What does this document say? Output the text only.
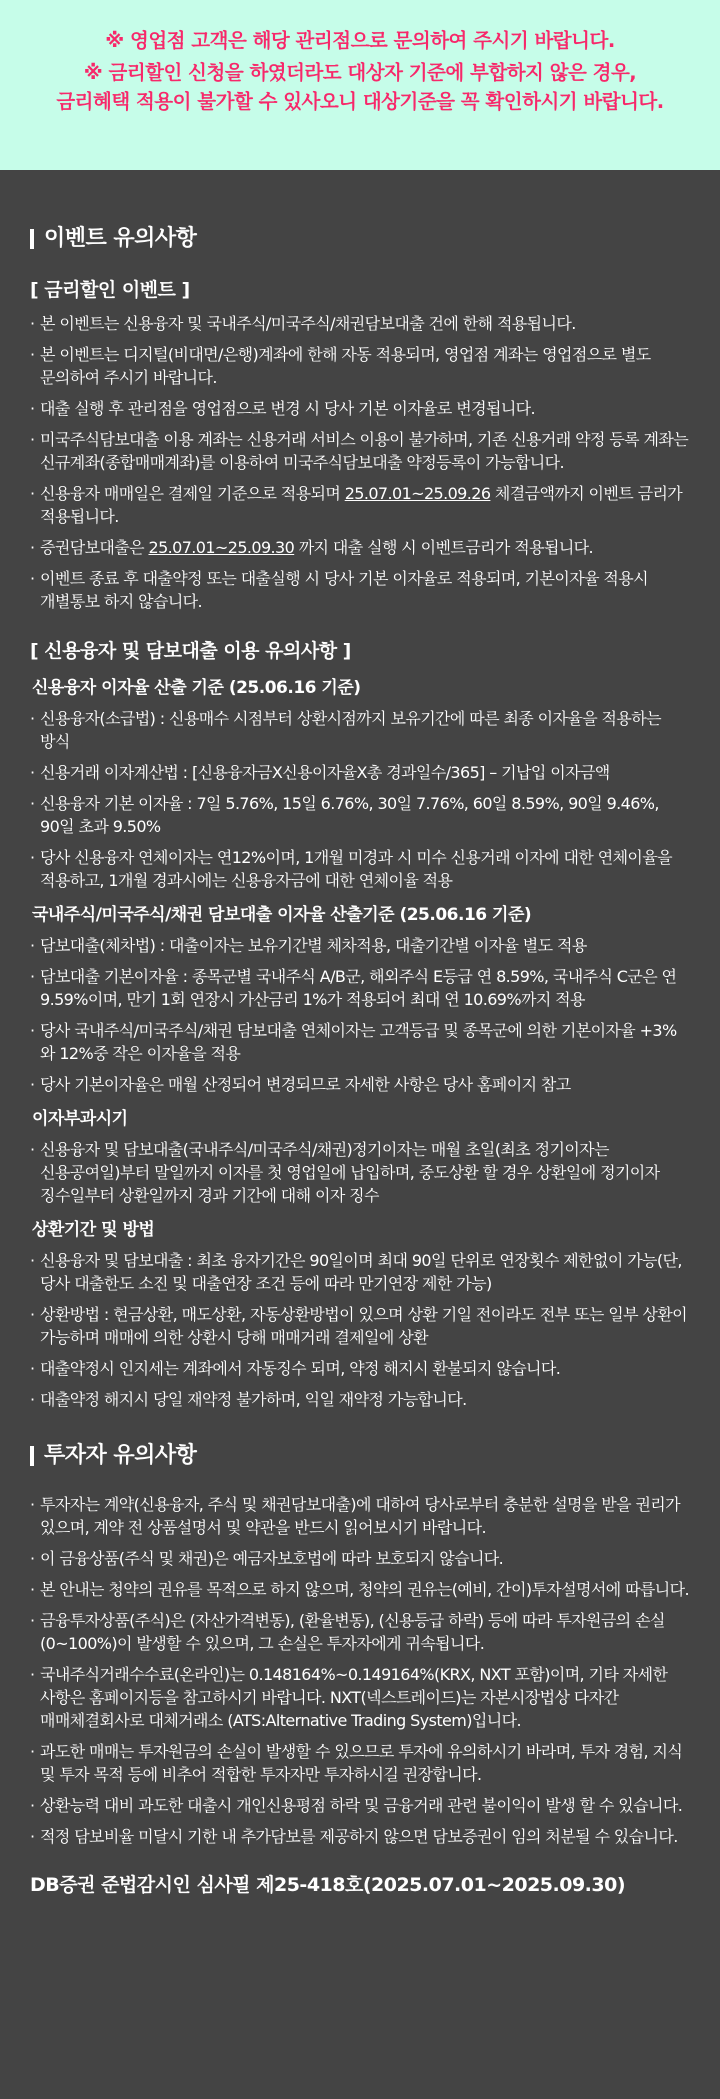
※ 영업점 고객은 해당 관리점으로 문의하여 주시기 바랍니다.

※ 금리할인 신청을 하였더라도 대상자 기준에 부합하지 않은 경우,

금리혜택 적용이 불가할 수 있사오니 대상기준을 꼭 확인하시기 바랍니다.

이벤트 유의사항
[ 금리할인 이벤트 ]
· 본 이벤트는 신용융자 및 국내주식/미국주식/채권담보대출 건에 한해 적용됩니다.
· 본 이벤트는 디지털(비대면/은행)계좌에 한해 자동 적용되며, 영업점 계좌는 영업점으로 별도 문의하여 주시기 바랍니다.
· 대출 실행 후 관리점을 영업점으로 변경 시 당사 기본 이자율로 변경됩니다.
· 미국주식담보대출 이용 계좌는 신용거래 서비스 이용이 불가하며, 기존 신용거래 약정 등록 계좌는 신규계좌(종합매매계좌)를 이용하여 미국주식담보대출 약정등록이 가능합니다.
· 신용융자 매매일은 결제일 기준으로 적용되며 25.07.01~25.09.26 체결금액까지 이벤트 금리가 적용됩니다.
· 증권담보대출은 25.07.01~25.09.30 까지 대출 실행 시 이벤트금리가 적용됩니다.
· 이벤트 종료 후 대출약정 또는 대출실행 시 당사 기본 이자율로 적용되며, 기본이자율 적용시 개별통보 하지 않습니다.
[ 신용융자 및 담보대출 이용 유의사항 ]
신용융자 이자율 산출 기준 (25.06.16 기준)
· 신용융자(소급법) : 신용매수 시점부터 상환시점까지 보유기간에 따른 최종 이자율을 적용하는 방식
· 신용거래 이자계산법 : [신용융자금X신용이자율X총 경과일수/365] – 기납입 이자금액
· 신용융자 기본 이자율 : 7일 5.76%, 15일 6.76%, 30일 7.76%, 60일 8.59%, 90일 9.46%, 90일 초과 9.50%
· 당사 신용융자 연체이자는 연12%이며, 1개월 미경과 시 미수 신용거래 이자에 대한 연체이율을 적용하고, 1개월 경과시에는 신용융자금에 대한 연체이율 적용
국내주식/미국주식/채권 담보대출 이자율 산출기준 (25.06.16 기준)
· 담보대출(체차법) : 대출이자는 보유기간별 체차적용, 대출기간별 이자율 별도 적용
· 담보대출 기본이자율 : 종목군별 국내주식 A/B군, 해외주식 E등급 연 8.59%, 국내주식 C군은 연 9.59%이며, 만기 1회 연장시 가산금리 1%가 적용되어 최대 연 10.69%까지 적용
· 당사 국내주식/미국주식/채권 담보대출 연체이자는 고객등급 및 종목군에 의한 기본이자율 +3%와 12%중 작은 이자율을 적용
· 당사 기본이자율은 매월 산정되어 변경되므로 자세한 사항은 당사 홈페이지 참고
이자부과시기
· 신용융자 및 담보대출(국내주식/미국주식/채권)정기이자는 매월 초일(최초 정기이자는 신용공여일)부터 말일까지 이자를 첫 영업일에 납입하며, 중도상환 할 경우 상환일에 정기이자 징수일부터 상환일까지 경과 기간에 대해 이자 징수
상환기간 및 방법
· 신용융자 및 담보대출 : 최초 융자기간은 90일이며 최대 90일 단위로 연장횟수 제한없이 가능(단, 당사 대출한도 소진 및 대출연장 조건 등에 따라 만기연장 제한 가능)
· 상환방법 : 현금상환, 매도상환, 자동상환방법이 있으며 상환 기일 전이라도 전부 또는 일부 상환이 가능하며 매매에 의한 상환시 당해 매매거래 결제일에 상환
· 대출약정시 인지세는 계좌에서 자동징수 되며, 약정 해지시 환불되지 않습니다.
· 대출약정 해지시 당일 재약정 불가하며, 익일 재약정 가능합니다.
투자자 유의사항
· 투자자는 계약(신용융자, 주식 및 채권담보대출)에 대하여 당사로부터 충분한 설명을 받을 권리가 있으며, 계약 전 상품설명서 및 약관을 반드시 읽어보시기 바랍니다.
· 이 금융상품(주식 및 채권)은 예금자보호법에 따라 보호되지 않습니다.
· 본 안내는 청약의 권유를 목적으로 하지 않으며, 청약의 권유는(예비, 간이)투자설명서에 따릅니다.
· 금융투자상품(주식)은 (자산가격변동), (환율변동), (신용등급 하락) 등에 따라 투자원금의 손실(0~100%)이 발생할 수 있으며, 그 손실은 투자자에게 귀속됩니다.
· 국내주식거래수수료(온라인)는 0.148164%~0.149164%(KRX, NXT 포함)이며, 기타 자세한 사항은 홈페이지등을 참고하시기 바랍니다. NXT(넥스트레이드)는 자본시장법상 다자간 매매체결회사로 대체거래소 (ATS:Alternative Trading System)입니다.
· 과도한 매매는 투자원금의 손실이 발생할 수 있으므로 투자에 유의하시기 바라며, 투자 경험, 지식 및 투자 목적 등에 비추어 적합한 투자자만 투자하시길 권장합니다.
· 상환능력 대비 과도한 대출시 개인신용평점 하락 및 금융거래 관련 불이익이 발생 할 수 있습니다.
· 적정 담보비율 미달시 기한 내 추가담보를 제공하지 않으면 담보증권이 임의 처분될 수 있습니다.

DB증권 준법감시인 심사필 제25-418호(2025.07.01~2025.09.30)
